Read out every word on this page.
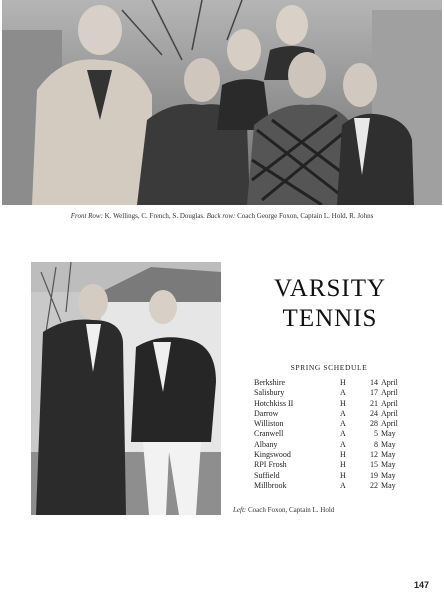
Front Row: K. Wellings, C. French, S. Douglas. Back row: Coach George Foxon, Captain L. Hold, R. Johns
VARSITY
TENNIS
SPRING SCHEDULE
Berkshire	H	14 April
Salisbury	A	17 April
Hotchkiss II	H	21 April
Darrow	A	24 April
Williston	A	28 April
Cranwell	A	5 May
Albany	A	8 May
Kingswood	H	12 May
RPI Frosh	H	15 May
Suffield	H	19 May
Millbrook	A	22 May
Left: Coach Foxon, Captain L. Hold
147
